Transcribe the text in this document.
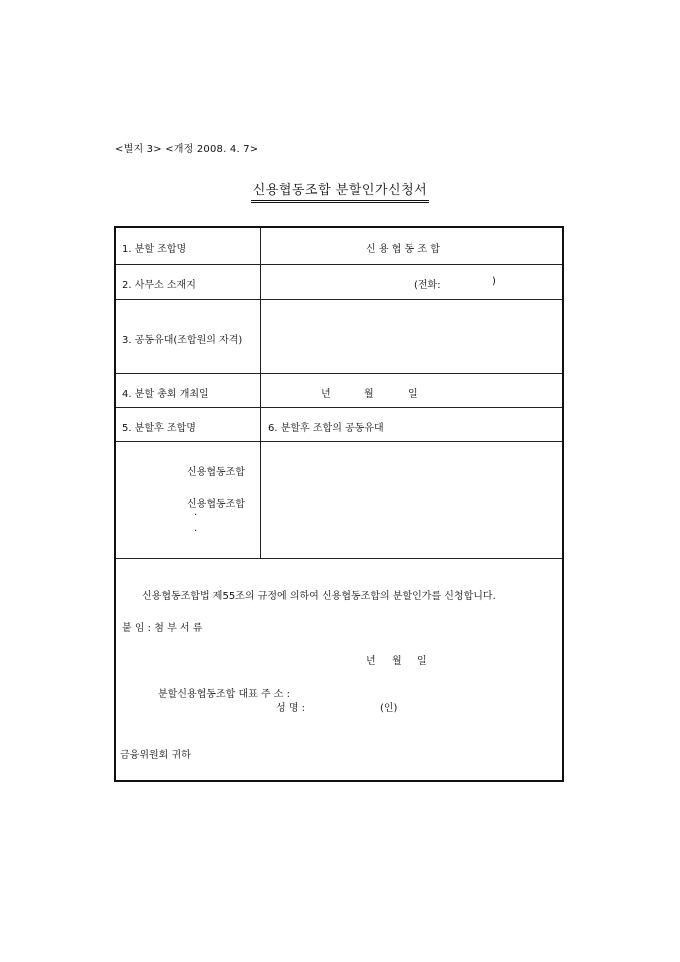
<별지 3> <개정 2008. 4. 7>
신용협동조합 분할인가신청서
1. 분할 조합명	신 용 협 동 조 합
2. 사무소 소재지	(전화:	)
3. 공동유대(조합원의 자격)
4. 분할 총회 개최일	년	월	일
5. 분할후 조합명	6. 분할후 조합의 공동유대
신용협동조합
신용협동조합
·
·
신용협동조합법 제55조의 규정에 의하여 신용협동조합의 분할인가를 신청합니다.
붙 임 : 첨 부 서 류
년 월 일
분할신용협동조합 대표 주 소 :
성 명 :	(인)
금융위원회 귀하
